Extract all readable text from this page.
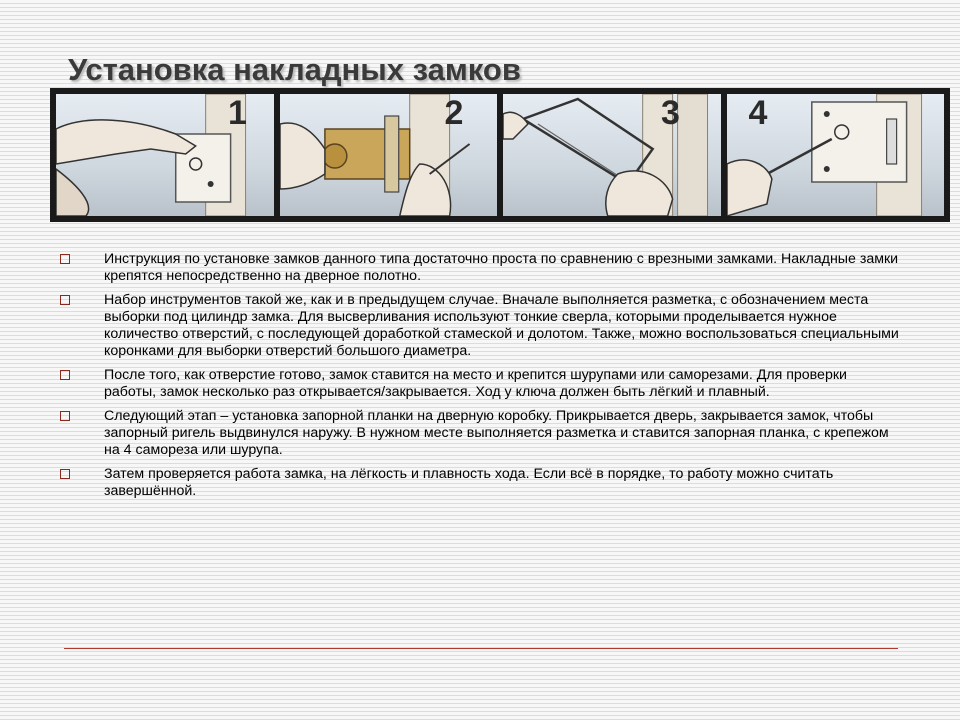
Установка накладных замков
1	2	3 4
Инструкция по установке замков данного типа достаточно проста по сравнению с врезными замками. Накладные замки крепятся непосредственно на дверное полотно.
Набор инструментов такой же, как и в предыдущем случае. Вначале выполняется разметка, с обозначением места выборки под цилиндр замка. Для высверливания используют тонкие сверла, которыми проделывается нужное количество отверстий, с последующей доработкой стамеской и долотом. Также, можно воспользоваться специальными коронками для выборки отверстий большого диаметра.
После того, как отверстие готово, замок ставится на место и крепится шурупами или саморезами. Для проверки работы, замок несколько раз открывается/закрывается. Ход у ключа должен быть лёгкий и плавный.
Следующий этап – установка запорной планки на дверную коробку. Прикрывается дверь, закрывается замок, чтобы запорный ригель выдвинулся наружу. В нужном месте выполняется разметка и ставится запорная планка, с крепежом на 4 самореза или шурупа.
Затем проверяется работа замка, на лёгкость и плавность хода. Если всё в порядке, то работу можно считать завершённой.
